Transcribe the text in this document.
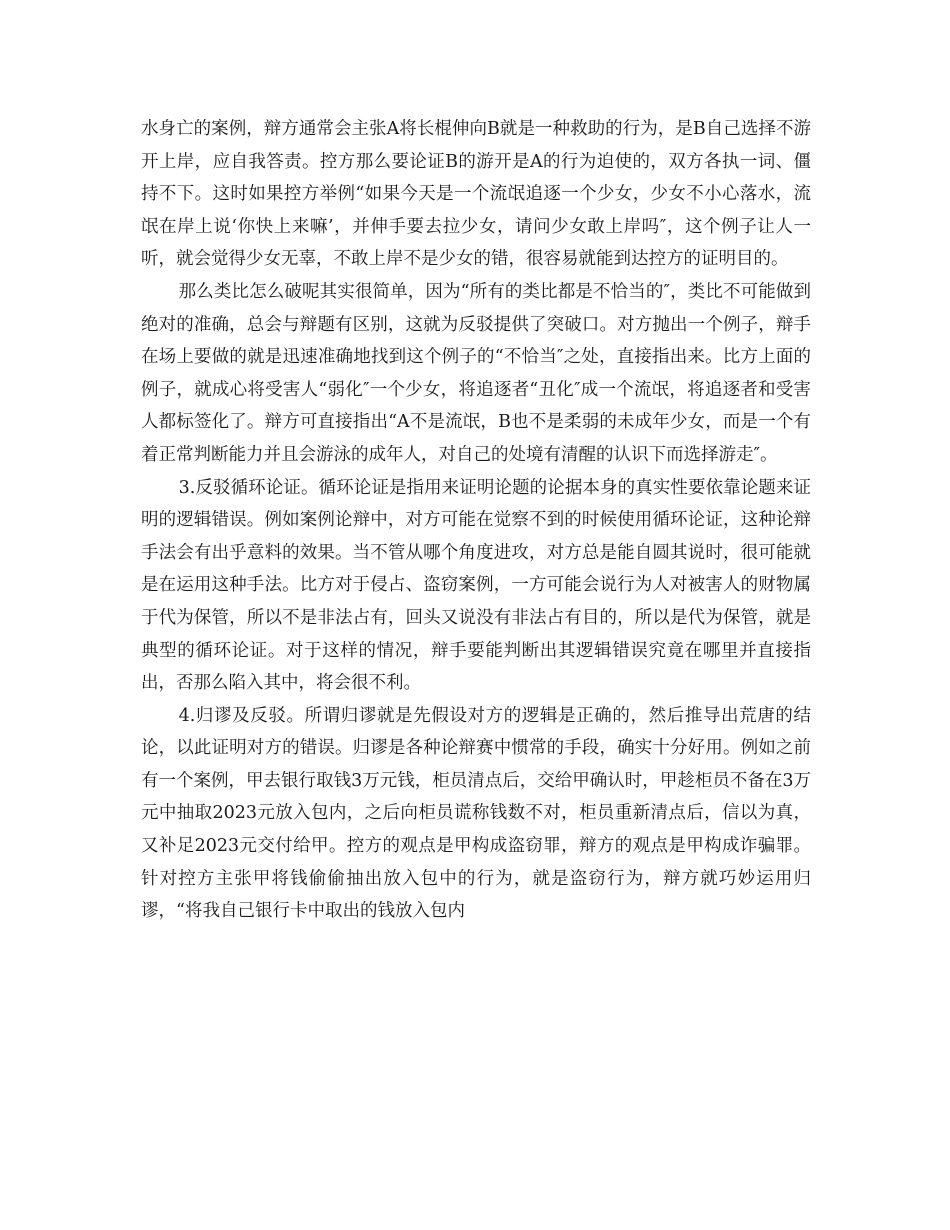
水身亡的案例，辩方通常会主张A将长棍伸向B就是一种救助的行为，是B自己选择不游开上岸，应自我答责。控方那么要论证B的游开是A的行为迫使的，双方各执一词、僵持不下。这时如果控方举例“如果今天是一个流氓追逐一个少女，少女不小心落水，流氓在岸上说‘你快上来嘛’，并伸手要去拉少女，请问少女敢上岸吗″，这个例子让人一听，就会觉得少女无辜，不敢上岸不是少女的错，很容易就能到达控方的证明目的。

那么类比怎么破呢其实很简单，因为“所有的类比都是不恰当的″，类比不可能做到绝对的准确，总会与辩题有区别，这就为反驳提供了突破口。对方抛出一个例子，辩手在场上要做的就是迅速准确地找到这个例子的“不恰当″之处，直接指出来。比方上面的例子，就成心将受害人“弱化″一个少女，将追逐者“丑化″成一个流氓，将追逐者和受害人都标签化了。辩方可直接指出“A不是流氓，B也不是柔弱的未成年少女，而是一个有着正常判断能力并且会游泳的成年人，对自己的处境有清醒的认识下而选择游走″。

3.反驳循环论证。循环论证是指用来证明论题的论据本身的真实性要依靠论题来证明的逻辑错误。例如案例论辩中，对方可能在觉察不到的时候使用循环论证，这种论辩手法会有出乎意料的效果。当不管从哪个角度进攻，对方总是能自圆其说时，很可能就是在运用这种手法。比方对于侵占、盗窃案例，一方可能会说行为人对被害人的财物属于代为保管，所以不是非法占有，回头又说没有非法占有目的，所以是代为保管，就是典型的循环论证。对于这样的情况，辩手要能判断出其逻辑错误究竟在哪里并直接指出，否那么陷入其中，将会很不利。

4.归谬及反驳。所谓归谬就是先假设对方的逻辑是正确的，然后推导出荒唐的结论，以此证明对方的错误。归谬是各种论辩赛中惯常的手段，确实十分好用。例如之前有一个案例，甲去银行取钱3万元钱，柜员清点后，交给甲确认时，甲趁柜员不备在3万元中抽取2023元放入包内，之后向柜员谎称钱数不对，柜员重新清点后，信以为真，又补足2023元交付给甲。控方的观点是甲构成盗窃罪，辩方的观点是甲构成诈骗罪。针对控方主张甲将钱偷偷抽出放入包中的行为，就是盗窃行为，辩方就巧妙运用归谬，“将我自己银行卡中取出的钱放入包内
